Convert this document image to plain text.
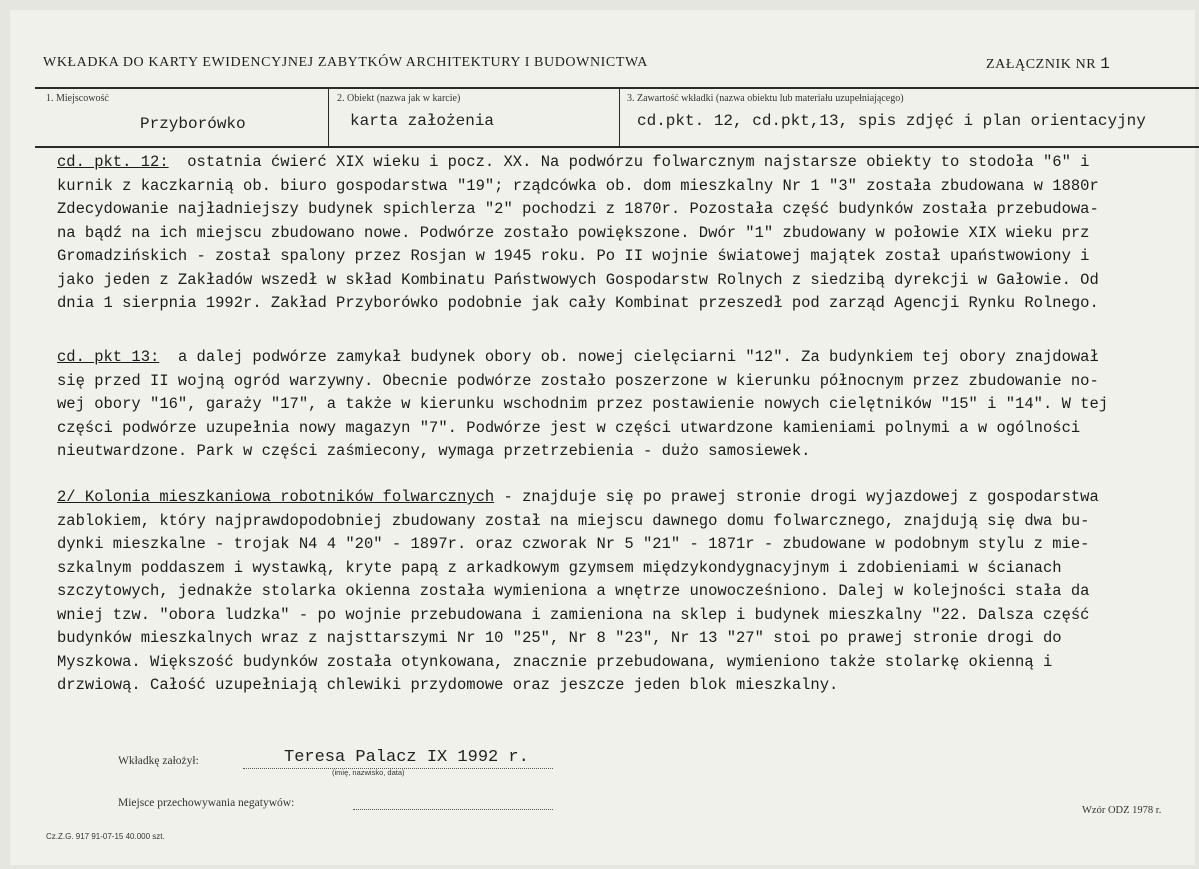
WKŁADKA DO KARTY EWIDENCYJNEJ ZABYTKÓW ARCHITEKTURY I BUDOWNICTWA	ZAŁĄCZNIK NR 1
1. Miejscowość
Przyborówko
2. Obiekt (nazwa jak w karcie)
karta założenia
3. Zawartość wkładki (nazwa obiektu lub materiału uzupełniającego)
cd.pkt. 12, cd.pkt,13, spis zdjęć i plan orientacyjny
cd. pkt. 12: ostatnia ćwierć XIX wieku i pocz. XX. Na podwórzu folwarcznym najstarsze obiekty to stodoła "6" i
kurnik z kaczkarnią ob. biuro gospodarstwa "19"; rządcówka ob. dom mieszkalny Nr 1 "3" została zbudowana w 1880r
Zdecydowanie najładniejszy budynek spichlerza "2" pochodzi z 1870r. Pozostała część budynków została przebudowa-
na bądź na ich miejscu zbudowano nowe. Podwórze zostało powiększone. Dwór "1" zbudowany w połowie XIX wieku prz
Gromadzińskich - został spalony przez Rosjan w 1945 roku. Po II wojnie światowej majątek został upaństwowiony i
jako jeden z Zakładów wszedł w skład Kombinatu Państwowych Gospodarstw Rolnych z siedzibą dyrekcji w Gałowie. Od
dnia 1 sierpnia 1992r. Zakład Przyborówko podobnie jak cały Kombinat przeszedł pod zarząd Agencji Rynku Rolnego.
cd. pkt 13: a dalej podwórze zamykał budynek obory ob. nowej cielęciarni "12". Za budynkiem tej obory znajdował
się przed II wojną ogród warzywny. Obecnie podwórze zostało poszerzone w kierunku północnym przez zbudowanie no-
wej obory "16", garaży "17", a także w kierunku wschodnim przez postawienie nowych cielętników "15" i "14". W tej
części podwórze uzupełnia nowy magazyn "7". Podwórze jest w części utwardzone kamieniami polnymi a w ogólności
nieutwardzone. Park w części zaśmiecony, wymaga przetrzebienia - dużo samosiewek.
2/ Kolonia mieszkaniowa robotników folwarcznych - znajduje się po prawej stronie drogi wyjazdowej z gospodarstwa
zablokiem, który najprawdopodobniej zbudowany został na miejscu dawnego domu folwarcznego, znajdują się dwa bu-
dynki mieszkalne - trojak N4 4 "20" - 1897r. oraz czworak Nr 5 "21" - 1871r - zbudowane w podobnym stylu z mie-
szkalnym poddaszem i wystawką, kryte papą z arkadkowym gzymsem międzykondygnacyjnym i zdobieniami w ścianach
szczytowych, jednakże stolarka okienna została wymieniona a wnętrze unowocześniono. Dalej w kolejności stała da
wniej tzw. "obora ludzka" - po wojnie przebudowana i zamieniona na sklep i budynek mieszkalny "22. Dalsza część
budynków mieszkalnych wraz z najsttarszymi Nr 10 "25", Nr 8 "23", Nr 13 "27" stoi po prawej stronie drogi do
Myszkowa. Większość budynków została otynkowana, znacznie przebudowana, wymieniono także stolarkę okienną i
drzwiową. Całość uzupełniają chlewiki przydomowe oraz jeszcze jeden blok mieszkalny.
Wkładkę założył:	Teresa Palacz IX 1992 r.
(imię, nazwisko, data)
Miejsce przechowywania negatywów:
Wzór ODZ 1978 r.
Cz.Z.G. 917 91-07-15 40.000 szt.
